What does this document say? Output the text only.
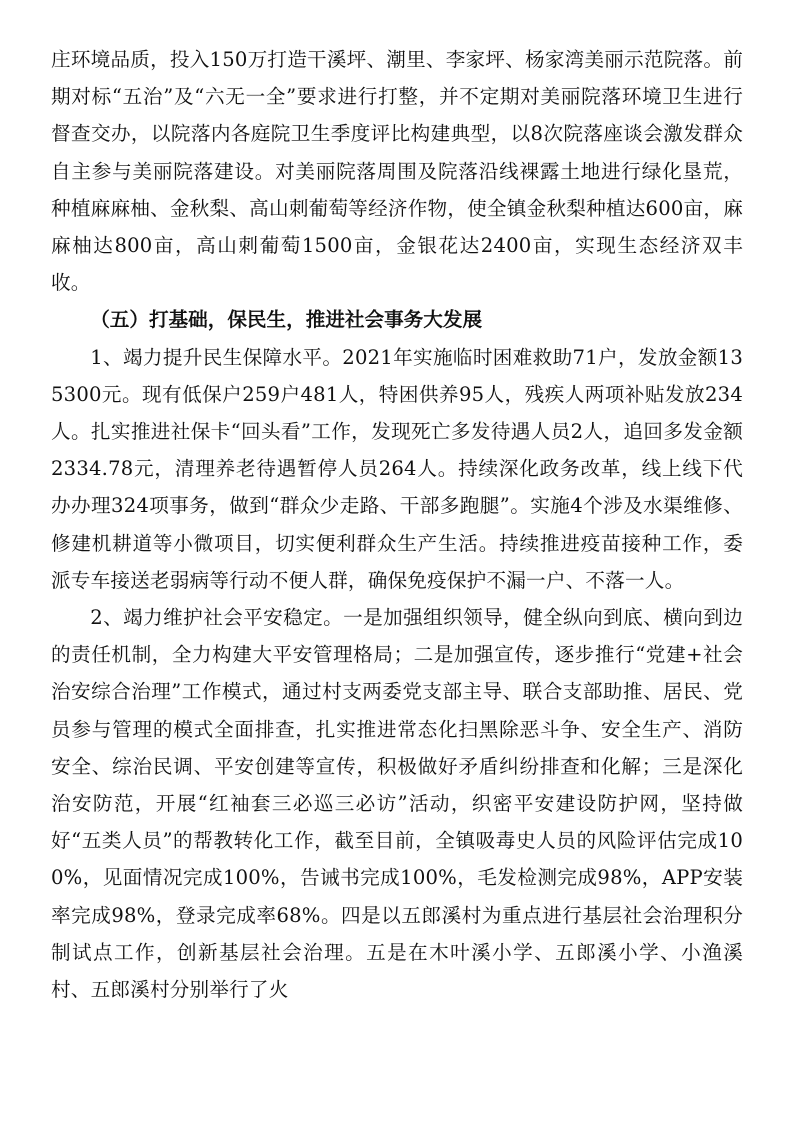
庄环境品质，投入150万打造干溪坪、潮里、李家坪、杨家湾美丽示范院落。前期对标“五治”及“六无一全”要求进行打整，并不定期对美丽院落环境卫生进行督查交办，以院落内各庭院卫生季度评比构建典型，以8次院落座谈会激发群众自主参与美丽院落建设。对美丽院落周围及院落沿线裸露土地进行绿化垦荒，种植麻麻柚、金秋梨、高山刺葡萄等经济作物，使全镇金秋梨种植达600亩，麻麻柚达800亩，高山刺葡萄1500亩，金银花达2400亩，实现生态经济双丰收。

（五）打基础，保民生，推进社会事务大发展

1、竭力提升民生保障水平。2021年实施临时困难救助71户，发放金额135300元。现有低保户259户481人，特困供养95人，残疾人两项补贴发放234人。扎实推进社保卡“回头看”工作，发现死亡多发待遇人员2人，追回多发金额2334.78元，清理养老待遇暂停人员264人。持续深化政务改革，线上线下代办办理324项事务，做到“群众少走路、干部多跑腿”。实施4个涉及水渠维修、修建机耕道等小微项目，切实便利群众生产生活。持续推进疫苗接种工作，委派专车接送老弱病等行动不便人群，确保免疫保护不漏一户、不落一人。

2、竭力维护社会平安稳定。一是加强组织领导，健全纵向到底、横向到边的责任机制，全力构建大平安管理格局；二是加强宣传，逐步推行“党建+社会治安综合治理”工作模式，通过村支两委党支部主导、联合支部助推、居民、党员参与管理的模式全面排查，扎实推进常态化扫黑除恶斗争、安全生产、消防安全、综治民调、平安创建等宣传，积极做好矛盾纠纷排查和化解；三是深化治安防范，开展“红袖套三必巡三必访”活动，织密平安建设防护网，坚持做好“五类人员”的帮教转化工作，截至目前，全镇吸毒史人员的风险评估完成100%，见面情况完成100%，告诫书完成100%，毛发检测完成98%，APP安装率完成98%，登录完成率68%。四是以五郎溪村为重点进行基层社会治理积分制试点工作，创新基层社会治理。五是在木叶溪小学、五郎溪小学、小渔溪村、五郎溪村分别举行了火
